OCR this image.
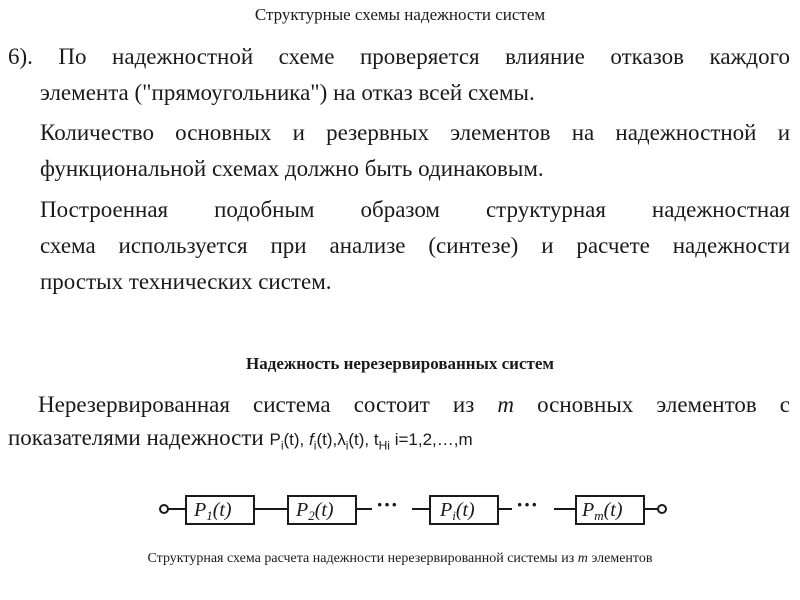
Структурные схемы надежности систем
6). По надежностной схеме проверяется влияние отказов каждого
элемента ("прямоугольника") на отказ всей схемы.
Количество основных и резервных элементов на надежностной и
функциональной схемах должно быть одинаковым.
Построенная подобным образом структурная надежностная
схема используется при анализе (синтезе) и расчете надежности
простых технических систем.
Надежность нерезервированных систем
Нерезервированная система состоит из m основных элементов с
показателями надежности $P_i(t)$, $f_i(t),\lambda_i(t)$, $t_{Hi}$ i=1,2,…,m
$P_1(t)$	$P_2(t)$	$P_i(t)$	$P_m(t)$
···	···
Структурная схема расчета надежности нерезервированной системы из m элементов
